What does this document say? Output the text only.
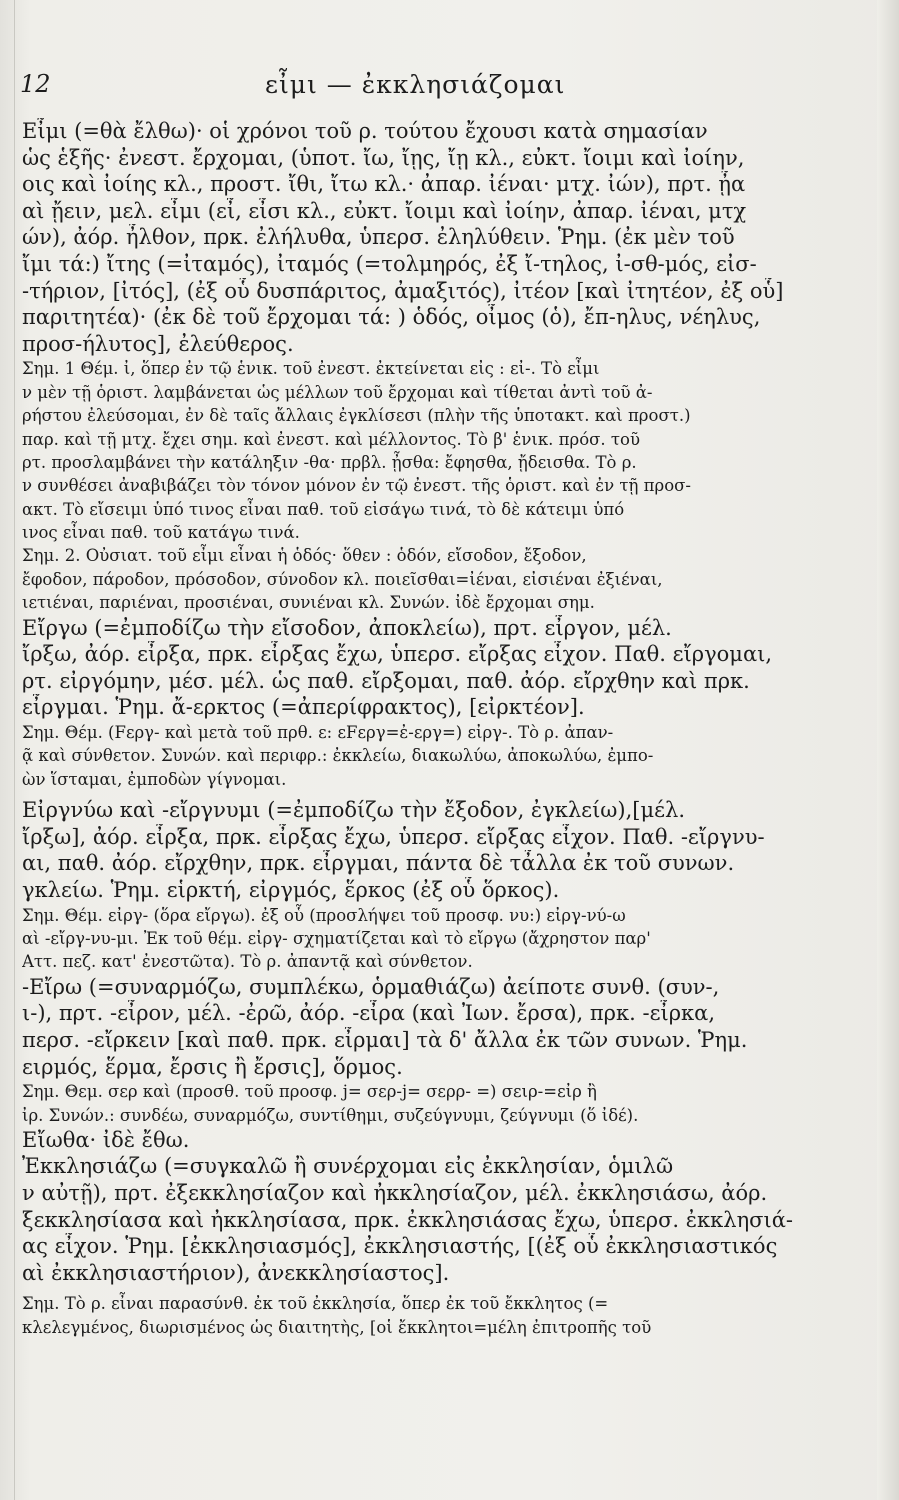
12	εἶμι — ἐκκλησιάζομαι
Εἶμι (=θὰ ἔλθω)· οἱ χρόνοι τοῦ ρ. τούτου ἔχουσι κατὰ σημασίαν
ὡς ἑξῆς· ἐνεστ. ἔρχομαι, (ὑποτ. ἴω, ἴῃς, ἴῃ κλ., εὐκτ. ἴοιμι καὶ ἰοίην,
οις καὶ ἰοίης κλ., προστ. ἴθι, ἴτω κλ.· ἀπαρ. ἰέναι· μτχ. ἰών), πρτ. ᾖα
αὶ ᾔειν, μελ. εἶμι (εἶ, εἶσι κλ., εὐκτ. ἴοιμι καὶ ἰοίην, ἀπαρ. ἰέναι, μτχ
ών), ἀόρ. ἦλθον, πρκ. ἐλήλυθα, ὑπερσ. ἐληλύθειν. Ῥημ. (ἐκ μὲν τοῦ
ἴμι τά:) ἴτης (=ἰταμός), ἰταμός (=τολμηρός, ἐξ ἴ-τηλος, ἰ-σθ-μός, εἰσ-
-τήριον, [ἰτός], (ἐξ οὗ δυσπάριτος, ἀμαξιτός), ἰτέον [καὶ ἰτητέον, ἐξ οὗ]
παριτητέα)· (ἐκ δὲ τοῦ ἔρχομαι τά: ) ὁδός, οἶμος (ὁ), ἔπ-ηλυς, νέηλυς,
προσ-ήλυτος], ἐλεύθερος.
Σημ. 1 Θέμ. ἰ, ὅπερ ἐν τῷ ἑνικ. τοῦ ἐνεστ. ἐκτείνεται εἰς : εἰ-. Τὸ εἶμι
ν μὲν τῇ ὁριστ. λαμβάνεται ὡς μέλλων τοῦ ἔρχομαι καὶ τίθεται ἀντὶ τοῦ ἀ-
ρήστου ἐλεύσομαι, ἐν δὲ ταῖς ἄλλαις ἐγκλίσεσι (πλὴν τῆς ὑποτακτ. καὶ προστ.)
παρ. καὶ τῇ μτχ. ἔχει σημ. καὶ ἐνεστ. καὶ μέλλοντος. Τὸ β' ἑνικ. πρόσ. τοῦ
ρτ. προσλαμβάνει τὴν κατάληξιν -θα· πρβλ. ᾖσθα: ἔφησθα, ᾔδεισθα. Τὸ ρ.
ν συνθέσει ἀναβιβάζει τὸν τόνον μόνον ἐν τῷ ἐνεστ. τῆς ὁριστ. καὶ ἐν τῇ προσ-
ακτ. Τὸ εἴσειμι ὑπό τινος εἶναι παθ. τοῦ εἰσάγω τινά, τὸ δὲ κάτειμι ὑπό
ινος εἶναι παθ. τοῦ κατάγω τινά.
Σημ. 2. Οὐσιατ. τοῦ εἶμι εἶναι ἡ ὁδός· ὅθεν : ὁδόν, εἴσοδον, ἔξοδον,
ἔφοδον, πάροδον, πρόσοδον, σύνοδον κλ. ποιεῖσθαι=ἰέναι, εἰσιέναι ἐξιέναι,
ιετιέναι, παριέναι, προσιέναι, συνιέναι κλ. Συνών. ἰδὲ ἔρχομαι σημ.
Εἴργω (=ἐμποδίζω τὴν εἴσοδον, ἀποκλείω), πρτ. εἶργον, μέλ.
ἴρξω, ἀόρ. εἶρξα, πρκ. εἶρξας ἔχω, ὑπερσ. εἴρξας εἶχον. Παθ. εἴργομαι,
ρτ. εἰργόμην, μέσ. μέλ. ὡς παθ. εἴρξομαι, παθ. ἀόρ. εἴρχθην καὶ πρκ.
εἶργμαι. Ῥημ. ἄ-ερκτος (=ἀπερίφρακτος), [εἰρκτέον].
Σημ. Θέμ. (Fεργ- καὶ μετὰ τοῦ πρθ. ε: εFεργ=ἐ-εργ=) εἰργ-. Τὸ ρ. ἀπαν-
ᾷ καὶ σύνθετον. Συνών. καὶ περιφρ.: ἐκκλείω, διακωλύω, ἀποκωλύω, ἐμπο-
ὼν ἵσταμαι, ἐμποδὼν γίγνομαι.
Εἰργνύω καὶ -εἴργνυμι (=ἐμποδίζω τὴν ἔξοδον, ἐγκλείω),[μέλ.
ἴρξω], ἀόρ. εἶρξα, πρκ. εἶρξας ἔχω, ὑπερσ. εἴρξας εἶχον. Παθ. -εἴργνυ-
αι, παθ. ἀόρ. εἴρχθην, πρκ. εἶργμαι, πάντα δὲ τἆλλα ἐκ τοῦ συνων.
γκλείω. Ῥημ. εἱρκτή, εἰργμός, ἕρκος (ἐξ οὗ ὅρκος).
Σημ. Θέμ. εἰργ- (ὅρα εἴργω). ἐξ οὗ (προσλήψει τοῦ προσφ. νυ:) εἰργ-νύ-ω
αὶ -εἴργ-νυ-μι. Ἐκ τοῦ θέμ. εἰργ- σχηματίζεται καὶ τὸ εἴργω (ἄχρηστον παρ'
Αττ. πεζ. κατ' ἐνεστῶτα). Τὸ ρ. ἀπαντᾷ καὶ σύνθετον.
-Εἴρω (=συναρμόζω, συμπλέκω, ὁρμαθιάζω) ἀείποτε συνθ. (συν-,
ι-), πρτ. -εἶρον, μέλ. -ἐρῶ, ἀόρ. -εἶρα (καὶ Ἰων. ἔρσα), πρκ. -εἶρκα,
περσ. -εἴρκειν [καὶ παθ. πρκ. εἶρμαι] τὰ δ' ἄλλα ἐκ τῶν συνων. Ῥημ.
ειρμός, ἕρμα, ἔρσις ἢ ἔρσις], ὅρμος.
Σημ. Θεμ. σερ καὶ (προσθ. τοῦ προσφ. j= σερ-j= σερρ- =) σειρ-=εἰρ ἢ
ἰρ. Συνών.: συνδέω, συναρμόζω, συντίθημι, συζεύγνυμι, ζεύγνυμι (ὅ ἰδέ).
Εἴωθα· ἰδὲ ἔθω.
Ἐκκλησιάζω (=συγκαλῶ ἢ συνέρχομαι εἰς ἐκκλησίαν, ὁμιλῶ
ν αὐτῇ), πρτ. ἐξεκκλησίαζον καὶ ἠκκλησίαζον, μέλ. ἐκκλησιάσω, ἀόρ.
ξεκκλησίασα καὶ ἠκκλησίασα, πρκ. ἐκκλησιάσας ἔχω, ὑπερσ. ἐκκλησιά-
ας εἶχον. Ῥημ. [ἐκκλησιασμός], ἐκκλησιαστής, [(ἐξ οὗ ἐκκλησιαστικός
αὶ ἐκκλησιαστήριον), ἀνεκκλησίαστος].
Σημ. Τὸ ρ. εἶναι παρασύνθ. ἐκ τοῦ ἐκκλησία, ὅπερ ἐκ τοῦ ἔκκλητος (=
κλελεγμένος, διωρισμένος ὡς διαιτητὴς, [οἱ ἔκκλητοι=μέλη ἐπιτροπῆς τοῦ
